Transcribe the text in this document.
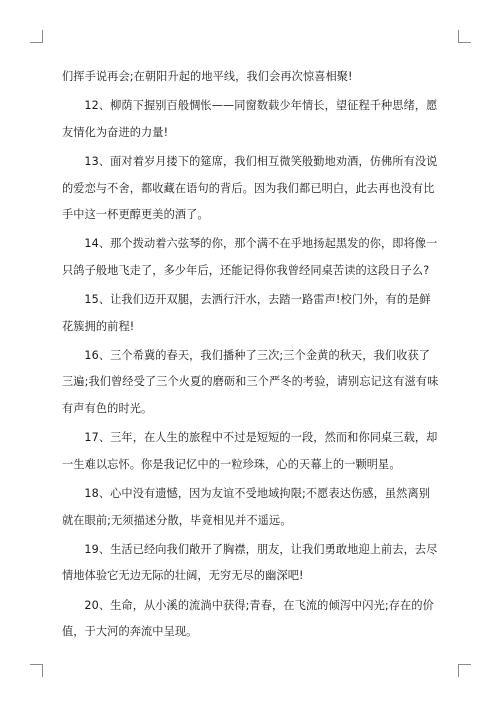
们挥手说再会;在朝阳升起的地平线，我们会再次惊喜相聚!

12、柳荫下握别百般惆怅——同窗数载少年情长，望征程千种思绪，愿友情化为奋进的力量!

13、面对着岁月搂下的筵席，我们相互微笑般勤地劝酒，仿佛所有没说的爱恋与不舍，都收藏在语句的背后。因为我们都已明白，此去再也没有比手中这一杯更醇更美的酒了。

14、那个拨动着六弦琴的你，那个满不在乎地扬起黑发的你，即将像一只鸽子般地飞走了，多少年后，还能记得你我曾经同桌苦读的这段日子么?

15、让我们迈开双腿，去洒行汗水，去踏一路雷声!校门外，有的是鲜花簇拥的前程!

16、三个希冀的春天，我们播种了三次;三个金黄的秋天，我们收获了三遍;我们曾经受了三个火夏的磨砺和三个严冬的考验，请别忘记这有滋有味有声有色的时光。

17、三年，在人生的旅程中不过是短短的一段，然而和你同桌三载，却一生难以忘怀。你是我记忆中的一粒珍珠，心的天幕上的一颗明星。

18、心中没有遗憾，因为友谊不受地域拘限;不愿表达伤感，虽然离别就在眼前;无须描述分散，毕竟相见并不遥远。

19、生活已经向我们敞开了胸襟，朋友，让我们勇敢地迎上前去，去尽情地体验它无边无际的壮阔，无穷无尽的幽深吧!

20、生命，从小溪的流淌中获得;青春，在飞流的倾泻中闪光;存在的价值，于大河的奔流中呈现。
